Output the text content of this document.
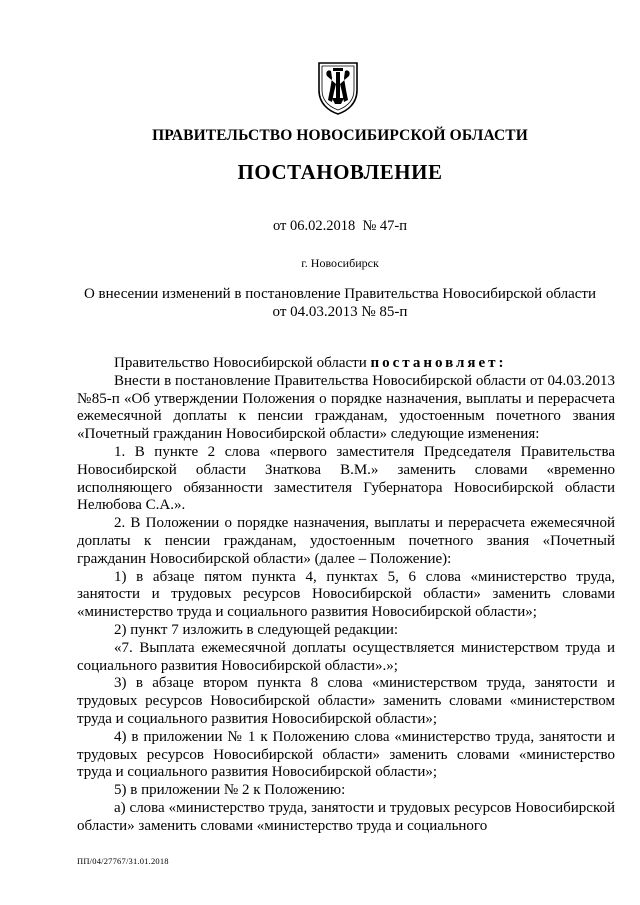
ПРАВИТЕЛЬСТВО НОВОСИБИРСКОЙ ОБЛАСТИ
ПОСТАНОВЛЕНИЕ
от 06.02.2018  № 47-п
г. Новосибирск
О внесении изменений в постановление Правительства Новосибирской области
от 04.03.2013 № 85-п

Правительство Новосибирской области постановляет:

Внести в постановление Правительства Новосибирской области от 04.03.2013 №85-п «Об утверждении Положения о порядке назначения, выплаты и перерасчета ежемесячной доплаты к пенсии гражданам, удостоенным почетного звания «Почетный гражданин Новосибирской области» следующие изменения:

1. В пункте 2 слова «первого заместителя Председателя Правительства Новосибирской области Знаткова В.М.» заменить словами «временно исполняющего обязанности заместителя Губернатора Новосибирской области Нелюбова С.А.».

2. В Положении о порядке назначения, выплаты и перерасчета ежемесячной доплаты к пенсии гражданам, удостоенным почетного звания «Почетный гражданин Новосибирской области» (далее – Положение):

1) в абзаце пятом пункта 4, пунктах 5, 6 слова «министерство труда, занятости и трудовых ресурсов Новосибирской области» заменить словами «министерство труда и социального развития Новосибирской области»;

2) пункт 7 изложить в следующей редакции:

«7. Выплата ежемесячной доплаты осуществляется министерством труда и социального развития Новосибирской области».»;

3) в абзаце втором пункта 8 слова «министерством труда, занятости и трудовых ресурсов Новосибирской области» заменить словами «министерством труда и социального развития Новосибирской области»;

4) в приложении № 1 к Положению слова «министерство труда, занятости и трудовых ресурсов Новосибирской области» заменить словами «министерство труда и социального развития Новосибирской области»;

5) в приложении № 2 к Положению:

а) слова «министерство труда, занятости и трудовых ресурсов Новосибирской области» заменить словами «министерство труда и социального

ПП/04/27767/31.01.2018
